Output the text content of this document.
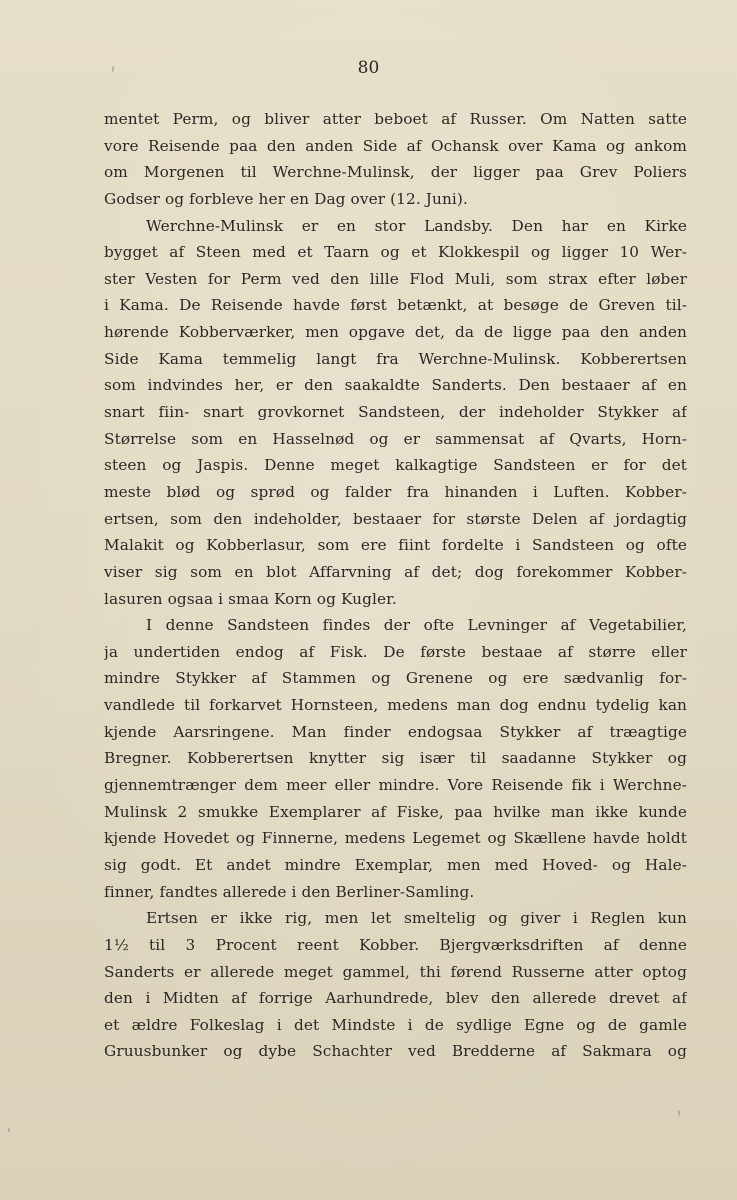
80
mentet Perm, og bliver atter beboet af Russer. Om Natten satte
vore Reisende paa den anden Side af Ochansk over Kama og ankom
om Morgenen til Werchne-Mulinsk, der ligger paa Grev Poliers
Godser og forbleve her en Dag over (12. Juni).
Werchne-Mulinsk er en stor Landsby. Den har en Kirke
bygget af Steen med et Taarn og et Klokkespil og ligger 10 Wer-
ster Vesten for Perm ved den lille Flod Muli, som strax efter løber
i Kama. De Reisende havde først betænkt, at besøge de Greven til-
hørende Kobberværker, men opgave det, da de ligge paa den anden
Side Kama temmelig langt fra Werchne-Mulinsk. Kobberertsen
som indvindes her, er den saakaldte Sanderts. Den bestaaer af en
snart fiin- snart grovkornet Sandsteen, der indeholder Stykker af
Størrelse som en Hasselnød og er sammensat af Qvarts, Horn-
steen og Jaspis. Denne meget kalkagtige Sandsteen er for det
meste blød og sprød og falder fra hinanden i Luften. Kobber-
ertsen, som den indeholder, bestaaer for største Delen af jordagtig
Malakit og Kobberlasur, som ere fiint fordelte i Sandsteen og ofte
viser sig som en blot Affarvning af det; dog forekommer Kobber-
lasuren ogsaa i smaa Korn og Kugler.
I denne Sandsteen findes der ofte Levninger af Vegetabilier,
ja undertiden endog af Fisk. De første bestaae af større eller
mindre Stykker af Stammen og Grenene og ere sædvanlig for-
vandlede til forkarvet Hornsteen, medens man dog endnu tydelig kan
kjende Aarsringene. Man finder endogsaa Stykker af træagtige
Bregner. Kobberertsen knytter sig især til saadanne Stykker og
gjennemtrænger dem meer eller mindre. Vore Reisende fik i Werchne-
Mulinsk 2 smukke Exemplarer af Fiske, paa hvilke man ikke kunde
kjende Hovedet og Finnerne, medens Legemet og Skællene havde holdt
sig godt. Et andet mindre Exemplar, men med Hoved- og Hale-
finner, fandtes allerede i den Berliner-Samling.
Ertsen er ikke rig, men let smeltelig og giver i Reglen kun
1½ til 3 Procent reent Kobber. Bjergværksdriften af denne
Sanderts er allerede meget gammel, thi førend Russerne atter optog
den i Midten af forrige Aarhundrede, blev den allerede drevet af
et ældre Folkeslag i det Mindste i de sydlige Egne og de gamle
Gruusbunker og dybe Schachter ved Bredderne af Sakmara og
